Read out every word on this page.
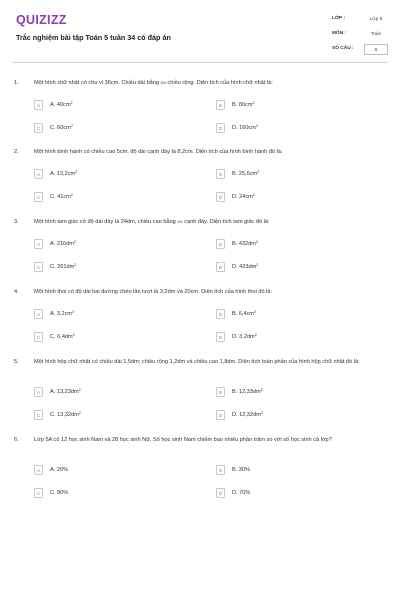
QUIZIZZ
Trắc nghiệm bài tập Toán 5 tuần 34 có đáp án
LỚP :	Lớp 5
MÔN :	Toán
SỐ CÂU :	6
1.	Một hình chữ nhật có chu vi 36cm. Chiều dài bằng 5/4 chiều rộng. Diện tích của hình chữ nhật là:
A	A. $40cm^2$	B	B. $80cm^2$
C	C. $60cm^2$	D	D. $160cm^2$
2.	Một hình bình hành có chiều cao 5cm, độ dài cạnh đáy là 8,2cm. Diện tích của hình bình hành đó là:
A	A. $13,2cm^2$	B	B. $25,6cm^2$
C	C. $41cm^2$	D	D. $24cm^2$
3.	Một hình tam giác có độ dài đáy là 24dm, chiều cao bằng 3/4 cạnh đáy. Diện tích tam giác đó là:
A	A. $216dm^2$	B	B. $432dm^2$
C	C. $261dm^2$	D	D. $423dm^2$
4.	Một hình thoi có độ dài hai đường chéo lần lượt là 3,2dm và 20cm. Diện tích của hình thoi đó là:
A	A. $3,2cm^2$	B	B. $6,4cm^2$
C	C. $6,4dm^2$	D	D. $3,2dm^2$
5.	Một hình hộp chữ nhật có chiều dài 1,5dm; chiều rộng 1,2dm và chiều cao 1,8dm. Diện tích toàn phần của hình hộp chữ nhật đó là:
A	A. $13,23dm^2$	B	B. $12,33dm^2$
C	C. $13,32dm^2$	D	D. $12,32dm^2$
6.	Lớp 5A có 12 học sinh Nam và 28 học sinh Nữ. Số học sinh Nam chiếm bao nhiêu phần trăm so với số học sinh cả lớp?
A	A. 20%	B	B. 30%
C	C. 80%	D	D. 70%
